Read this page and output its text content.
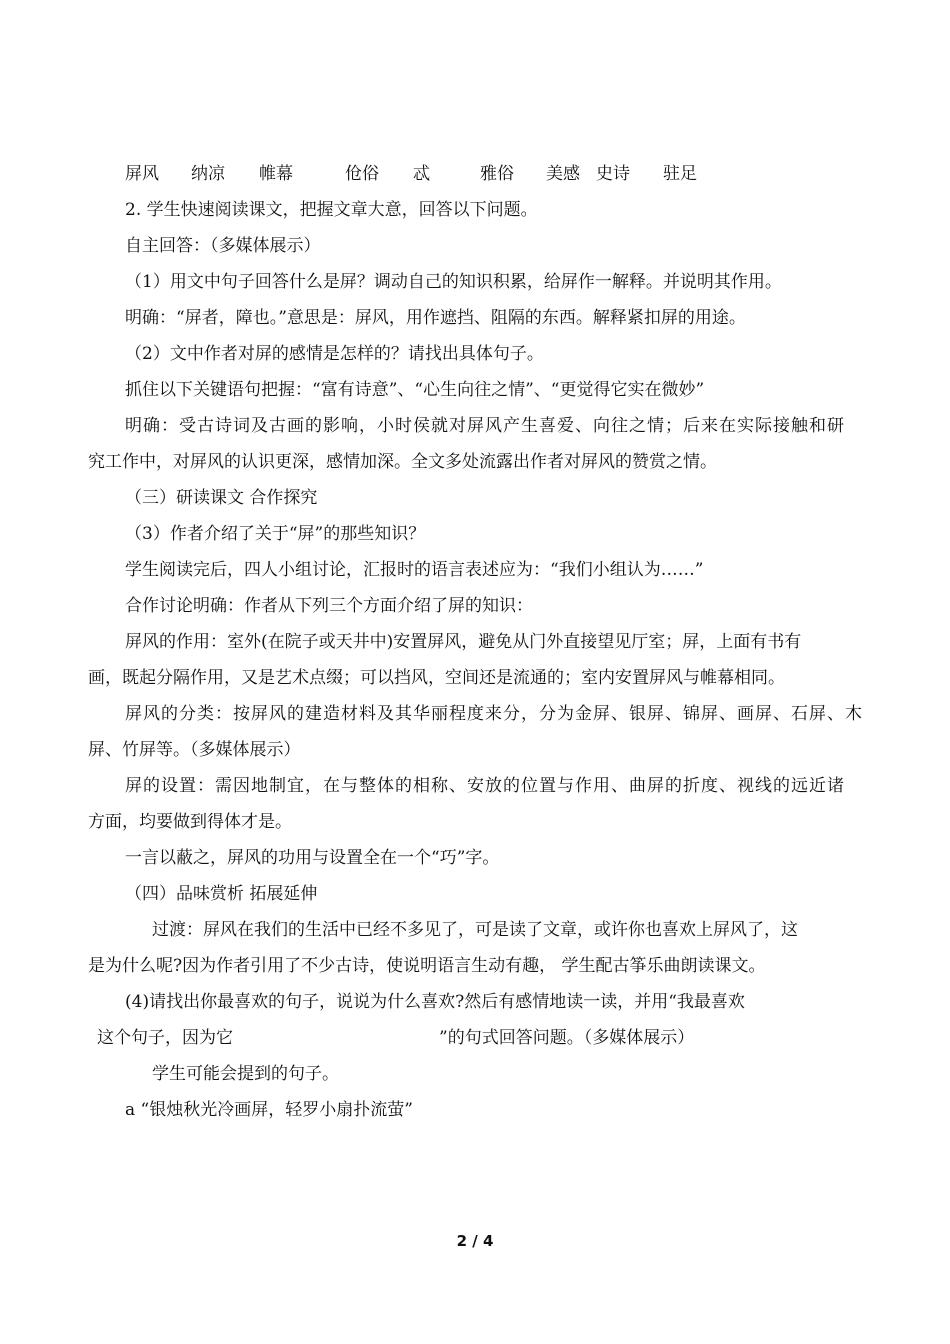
屏风 纳凉 帷幕	伧俗 忒	雅俗 美感 史诗 驻足
2. 学生快速阅读课文，把握文章大意，回答以下问题。
自主回答：（多媒体展示）
（1）用文中句子回答什么是屏？调动自己的知识积累，给屏作一解释。并说明其作用。
明确：“屏者，障也。”意思是：屏风，用作遮挡、阻隔的东西。解释紧扣屏的用途。
（2）文中作者对屏的感情是怎样的？请找出具体句子。
抓住以下关键语句把握：“富有诗意”、“心生向往之情”、“更觉得它实在微妙”
明确：受古诗词及古画的影响，小时侯就对屏风产生喜爱、向往之情；后来在实际接触和研
究工作中，对屏风的认识更深，感情加深。全文多处流露出作者对屏风的赞赏之情。
（三）研读课文 合作探究
（3）作者介绍了关于“屏”的那些知识？
学生阅读完后，四人小组讨论，汇报时的语言表述应为：“我们小组认为……”
合作讨论明确：作者从下列三个方面介绍了屏的知识：
屏风的作用：室外(在院子或天井中)安置屏风，避免从门外直接望见厅室；屏，上面有书有
画，既起分隔作用，又是艺术点缀；可以挡风，空间还是流通的；室内安置屏风与帷幕相同。
屏风的分类：按屏风的建造材料及其华丽程度来分，分为金屏、银屏、锦屏、画屏、石屏、木
屏、竹屏等。（多媒体展示）
屏的设置：需因地制宜，在与整体的相称、安放的位置与作用、曲屏的折度、视线的远近诸
方面，均要做到得体才是。
一言以蔽之，屏风的功用与设置全在一个“巧”字。
（四）品味赏析 拓展延伸
过渡：屏风在我们的生活中已经不多见了，可是读了文章，或许你也喜欢上屏风了，这
是为什么呢?因为作者引用了不少古诗，使说明语言生动有趣， 学生配古筝乐曲朗读课文。
(4)请找出你最喜欢的句子，说说为什么喜欢?然后有感情地读一读，并用“我最喜欢
这个句子，因为它	”的句式回答问题。（多媒体展示）
学生可能会提到的句子。
a “银烛秋光冷画屏，轻罗小扇扑流萤”
2 / 4
